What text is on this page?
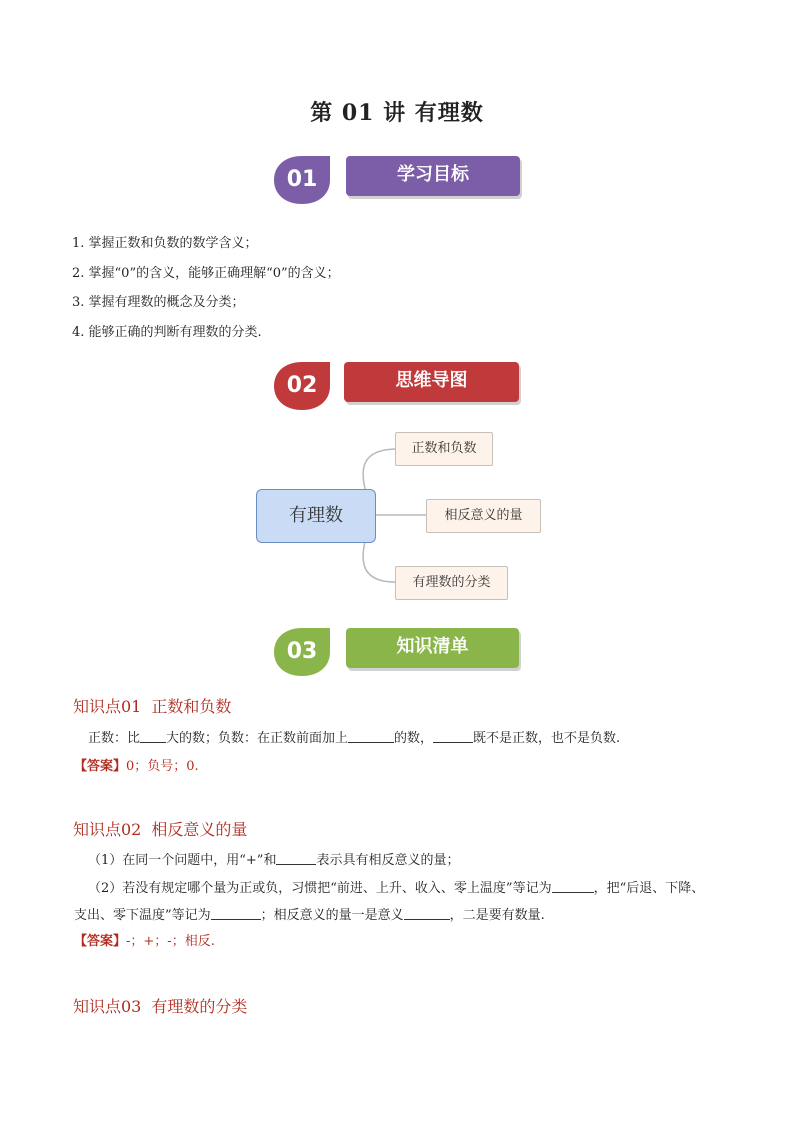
第 01 讲 有理数
01	学习目标
1. 掌握正数和负数的数学含义；
2. 掌握“0”的含义，能够正确理解“0”的含义；
3. 掌握有理数的概念及分类；
4. 能够正确的判断有理数的分类.
02	思维导图
有理数
正数和负数
相反意义的量
有理数的分类
03	知识清单
知识点01 正数和负数
正数：比 大的数；负数：在正数前面加上	的数，	既不是正数，也不是负数.
【答案】0；负号；0.
知识点02 相反意义的量
（1）在同一个问题中，用“+”和	表示具有相反意义的量；
（2）若没有规定哪个量为正或负，习惯把“前进、上升、收入、零上温度”等记为	，把“后退、下降、
支出、零下温度”等记为	；相反意义的量一是意义	，二是要有数量.
【答案】-；+；-；相反.
知识点03 有理数的分类
